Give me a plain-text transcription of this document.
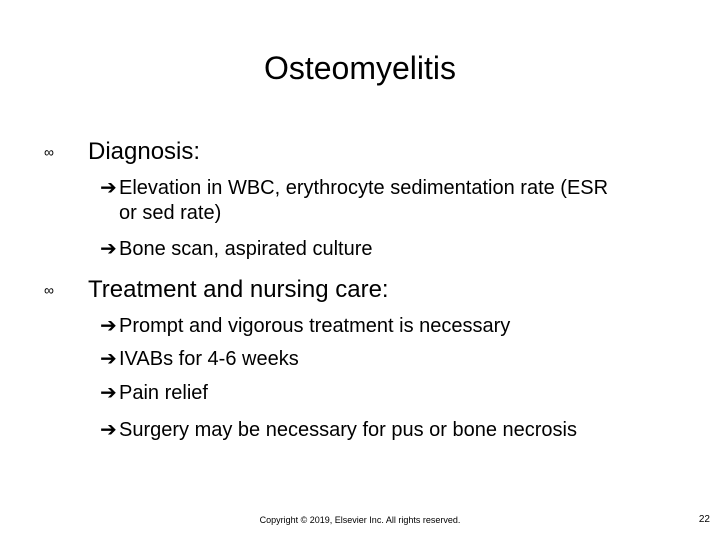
Osteomyelitis
∞ Diagnosis:
➔ Elevation in WBC, erythrocyte sedimentation rate (ESR or sed rate)
➔ Bone scan, aspirated culture
∞ Treatment and nursing care:
➔ Prompt and vigorous treatment is necessary
➔ IVABs for 4-6 weeks
➔ Pain relief
➔ Surgery may be necessary for pus or bone necrosis
Copyright © 2019, Elsevier Inc. All rights reserved.	22
